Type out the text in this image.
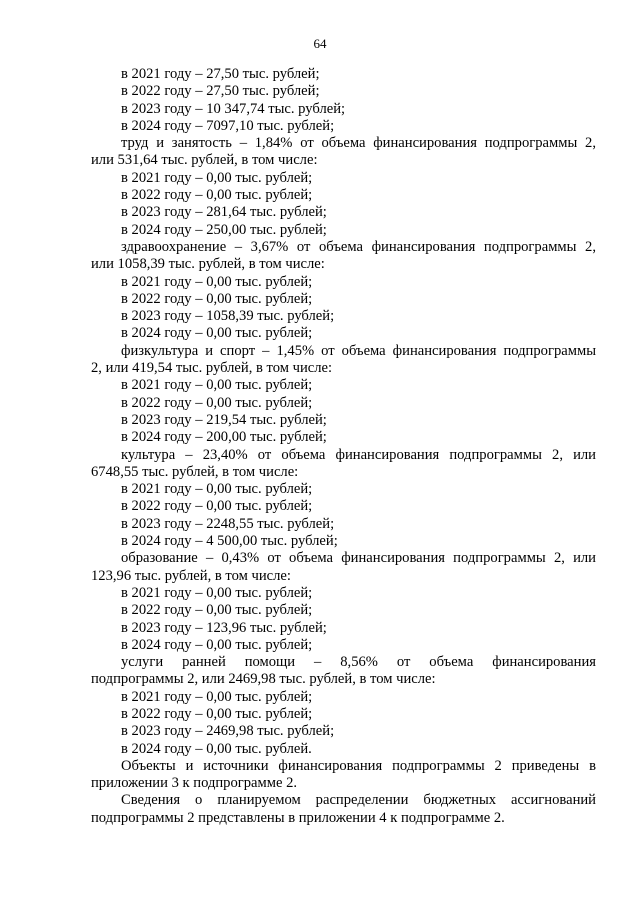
64

в 2021 году – 27,50 тыс. рублей;

в 2022 году – 27,50 тыс. рублей;

в 2023 году – 10 347,74 тыс. рублей;

в 2024 году – 7097,10 тыс. рублей;

труд и занятость – 1,84% от объема финансирования подпрограммы 2,

или 531,64 тыс. рублей, в том числе:

в 2021 году – 0,00 тыс. рублей;

в 2022 году – 0,00 тыс. рублей;

в 2023 году – 281,64 тыс. рублей;

в 2024 году – 250,00 тыс. рублей;

здравоохранение – 3,67% от объема финансирования подпрограммы 2,

или 1058,39 тыс. рублей, в том числе:

в 2021 году – 0,00 тыс. рублей;

в 2022 году – 0,00 тыс. рублей;

в 2023 году – 1058,39 тыс. рублей;

в 2024 году – 0,00 тыс. рублей;

физкультура и спорт – 1,45% от объема финансирования подпрограммы

2, или 419,54 тыс. рублей, в том числе:

в 2021 году – 0,00 тыс. рублей;

в 2022 году – 0,00 тыс. рублей;

в 2023 году – 219,54 тыс. рублей;

в 2024 году – 200,00 тыс. рублей;

культура – 23,40% от объема финансирования подпрограммы 2, или

6748,55 тыс. рублей, в том числе:

в 2021 году – 0,00 тыс. рублей;

в 2022 году – 0,00 тыс. рублей;

в 2023 году – 2248,55 тыс. рублей;

в 2024 году – 4 500,00 тыс. рублей;

образование – 0,43% от объема финансирования подпрограммы 2, или

123,96 тыс. рублей, в том числе:

в 2021 году – 0,00 тыс. рублей;

в 2022 году – 0,00 тыс. рублей;

в 2023 году – 123,96 тыс. рублей;

в 2024 году – 0,00 тыс. рублей;

услуги ранней помощи – 8,56% от объема финансирования

подпрограммы 2, или 2469,98 тыс. рублей, в том числе:

в 2021 году – 0,00 тыс. рублей;

в 2022 году – 0,00 тыс. рублей;

в 2023 году – 2469,98 тыс. рублей;

в 2024 году – 0,00 тыс. рублей.

Объекты и источники финансирования подпрограммы 2 приведены в

приложении 3 к подпрограмме 2.

Сведения о планируемом распределении бюджетных ассигнований

подпрограммы 2 представлены в приложении 4 к подпрограмме 2.
